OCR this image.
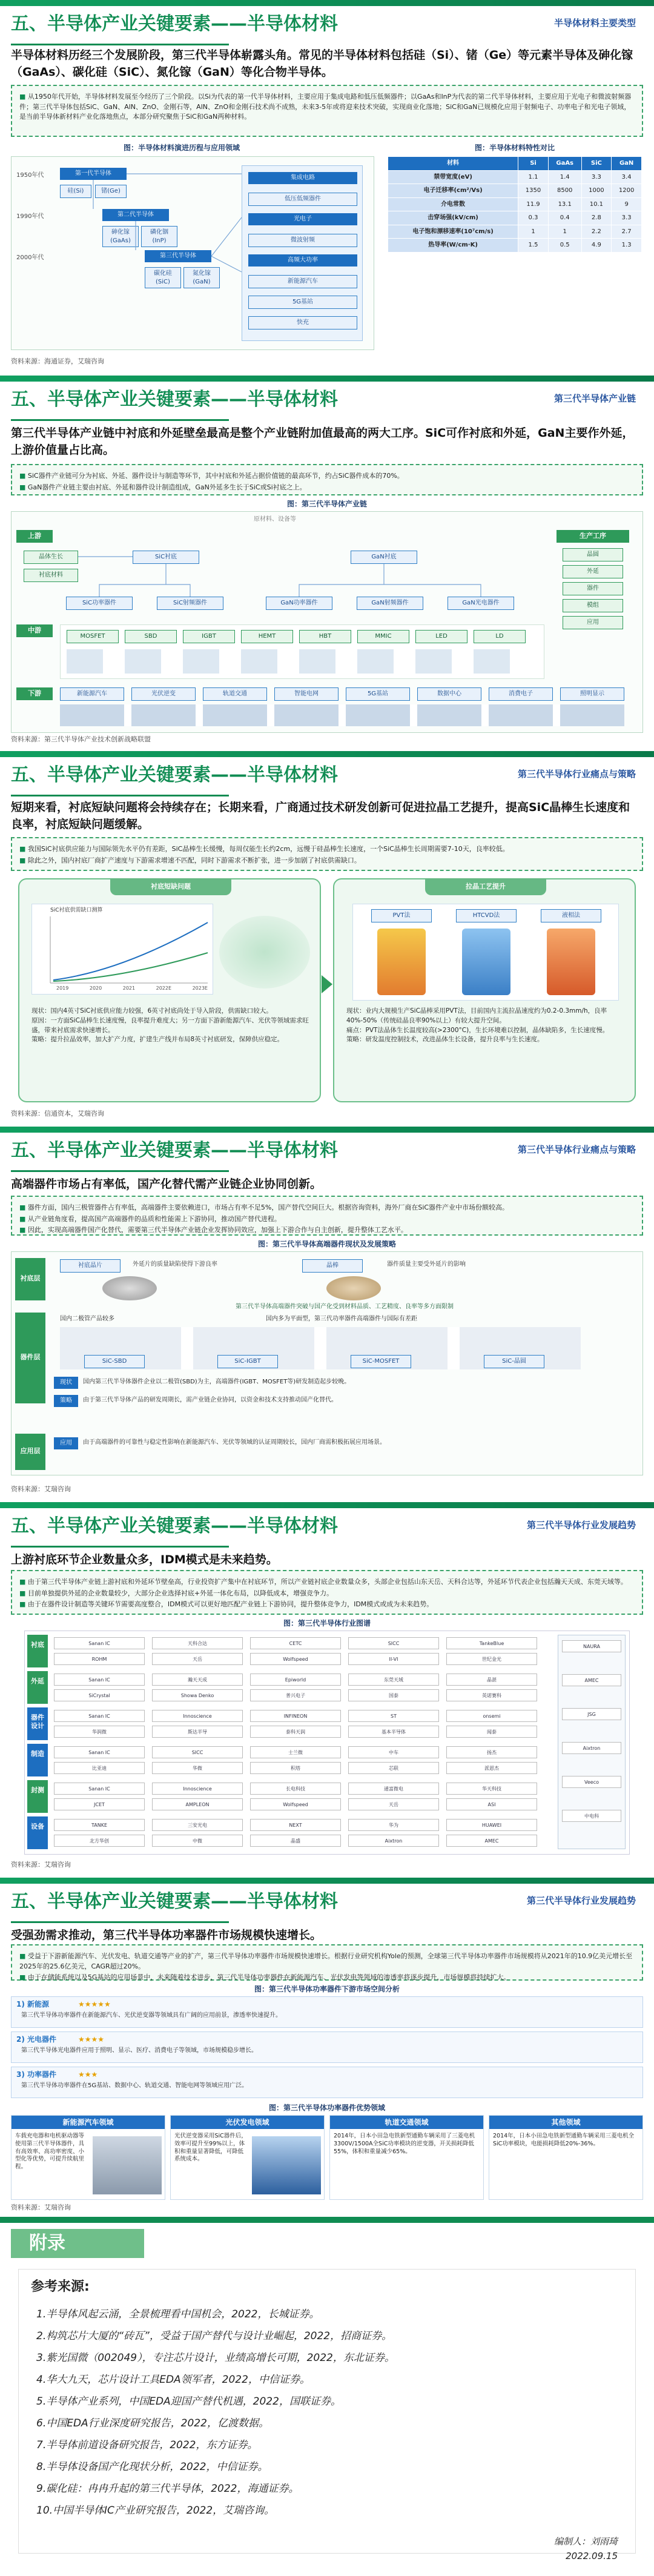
五、半导体产业关键要素——半导体材料	半导体材料主要类型
半导体材料历经三个发展阶段，第三代半导体崭露头角。常见的半导体材料包括硅（Si）、锗（Ge）等元素半导体及砷化镓（GaAs）、碳化硅（SiC）、氮化镓（GaN）等化合物半导体。

■ 从1950年代开始，半导体材料发展至今经历了三个阶段。以Si为代表的第一代半导体材料，主要应用于集成电路和低压低频器件；以GaAs和InP为代表的第二代半导体材料，主要应用于光电子和微波射频器件；第三代半导体包括SiC、GaN、AlN、ZnO、金刚石等，AlN、ZnO和金刚石技术尚不成熟，未来3-5年或将迎来技术突破，实现商业化落地；SiC和GaN已规模化应用于射频电子、功率电子和光电子领域，是当前半导体新材料产业化落地焦点，本部分研究聚焦于SiC和GaN两种材料。

图：半导体材料演进历程与应用领域	图：半导体材料特性对比
1950年代
1990年代
2000年代
第一代半导体
第二代半导体
第三代半导体
硅(Si)	锗(Ge)
砷化镓(GaAs)
磷化铟(InP)
碳化硅(SiC)
氮化镓(GaN)
集成电路
低压低频器件
光电子
微波射频
高频大功率
新能源汽车
5G基站
快充
材料	Si	GaAs	SiC	GaN
禁带宽度(eV)	1.1	1.4	3.3	3.4
电子迁移率(cm²/Vs)	1350	8500	1000	1200
介电常数	11.9	13.1	10.1	9
击穿场强(kV/cm)	0.3	0.4	2.8	3.3
电子饱和漂移速率(10⁷cm/s)	1	1	2.2	2.7
热导率(W/cm·K)	1.5	0.5	4.9	1.3
资料来源：海通证券，艾瑞咨询
五、半导体产业关键要素——半导体材料	第三代半导体产业链
第三代半导体产业链中衬底和外延壁垒最高是整个产业链附加值最高的两大工序。SiC可作衬底和外延，GaN主要作外延，上游价值量占比高。

■ SiC器件产业链可分为衬底、外延、器件设计与制造等环节，其中衬底和外延占据价值链的最高环节，约占SiC器件成本的70%。

■ GaN器件产业链主要由衬底、外延和器件设计制造组成，GaN外延多生长于SiC或Si衬底之上。

图：第三代半导体产业链
原材料、设备等
上游
中游
下游
晶体生长
衬底材料
SiC衬底	GaN衬底
生产工序
晶圆
外延
器件
模组
应用
SiC功率器件	SiC射频器件	GaN功率器件	GaN射频器件	GaN光电器件
MOSFET	SBD	IGBT	HEMT	HBT	MMIC	LED	LD
新能源汽车	光伏逆变	轨道交通	智能电网	5G基站	数据中心	消费电子	照明显示
资料来源：第三代半导体产业技术创新战略联盟
五、半导体产业关键要素——半导体材料	第三代半导体行业痛点与策略
短期来看，衬底短缺问题将会持续存在；长期来看，广商通过技术研发创新可促进拉晶工艺提升，提高SiC晶棒生长速度和良率，衬底短缺问题缓解。

■ 我国SiC衬底供应能力与国际领先水平仍有差距，SiC晶棒生长缓慢，每周仅能生长约2cm，远慢于硅晶棒生长速度，一个SiC晶棒生长周期需要7-10天，良率较低。

■ 除此之外，国内衬底厂商扩产速度与下游需求增速不匹配，同时下游需求不断扩张，进一步加剧了衬底供需缺口。

衬底短缺问题
SiC衬底供需缺口测算
2019	2020	2021	2022E	2023E

现状：国内4英寸SiC衬底供应能力较强，6英寸衬底尚处于导入阶段，供需缺口较大。

原因：一方面SiC晶棒生长速度慢，良率提升难度大；另一方面下游新能源汽车、光伏等领域需求旺盛，带来衬底需求快速增长。

策略：提升拉晶效率，加大扩产力度，扩建生产线并布局8英寸衬底研发，保障供应稳定。

拉晶工艺提升
PVT法	HTCVD法	液相法

现状：业内大规模生产SiC晶棒采用PVT法，目前国内主流拉晶速度约为0.2-0.3mm/h，良率40%-50%（传统硅晶良率90%以上）有较大提升空间。

痛点：PVT法晶体生长温度较高(>2300°C)，生长环境难以控制，晶体缺陷多，生长速度慢。

策略：研发温度控制技术，改进晶体生长设备，提升良率与生长速度。

资料来源：信通资本，艾瑞咨询
五、半导体产业关键要素——半导体材料	第三代半导体行业痛点与策略
高端器件市场占有率低，国产化替代需产业链企业协同创新。

■ 器件方面，国内三极管器件占有率低，高端器件主要依赖进口，市场占有率不足5%，国产替代空间巨大。根据咨询资料，海外厂商在SiC器件产业中市场份额较高。

■ 从产业链角度看，提高国产高端器件的品质和性能需上下游协同，推动国产替代进程。

■ 因此，实现高端器件国产化替代，需要第三代半导体产业链企业发挥协同效应，加强上下游合作与自主创新，提升整体工艺水平。

图：第三代半导体高端器件现状及发展策略
衬底层
器件层
应用层
衬底晶片	外延片的质量缺陷使得下游良率	晶棒	器件质量主要受外延片的影响
第三代半导体高端器件突破与国产化受到材料品质、工艺精度、良率等多方面限制
国内二极管产品较多	国内多为平面型，第三代功率器件高端器件与国际有差距
SiC-SBD	SiC-IGBT	SiC-MOSFET	SiC-晶圆
现状	国内第三代半导体器件企业以二极管(SBD)为主，高端器件(IGBT、MOSFET等)研发制造起步较晚。
策略	由于第三代半导体产品的研发周期长，需产业链企业协同，以资金和技术支持推动国产化替代。
应用	由于高端器件的可靠性与稳定性影响在新能源汽车、光伏等领域的认证周期较长，国内厂商需积极拓展应用场景。
资料来源：艾瑞咨询
五、半导体产业关键要素——半导体材料	第三代半导体行业发展趋势
上游衬底环节企业数量众多，IDM模式是未来趋势。

■ 由于第三代半导体产业链上游衬底和外延环节壁垒高，行业投资扩产集中在衬底环节，所以产业链衬底企业数量众多，头部企业包括山东天岳、天科合达等，外延环节代表企业包括瀚天天成、东莞天域等。

■ 目前单独提供外延的企业数量较少，大部分企业选择衬底+外延一体化布局，以降低成本，增强竞争力。

■ 由于在器件设计制造等关键环节需要高度整合，IDM模式可以更好地匹配产业链上下游协同，提升整体竞争力，IDM模式或成为未来趋势。

图：第三代半导体行业图谱
衬底	Sanan IC	天科合达	CETC	SICC	TankeBlue
ROHM	天岳	Wolfspeed	II-VI	世纪金光
外延	Sanan IC	瀚天天成	Epiworld	东莞天域	晶湛
SiCrystal	Showa Denko	普兴电子	国泰	英诺赛科
器件设计
Sanan IC	Innoscience	INFINEON	ST	onsemi
华润微	斯达半导	泰科天润	基本半导体	闻泰
制造	Sanan IC	SICC	士兰微	中车	扬杰
比亚迪	华微	积塔	芯联	派恩杰
封测	Sanan IC	Innoscience	长电科技	通富微电	华天科技
JCET	AMPLEON	Wolfspeed	天岳	ASI
设备	TANKE	三安光电	NEXT	华为	HUAWEI
北方华创	中微	晶盛	Aixtron	AMEC
NAURA
AMEC
JSG
Aixtron
Veeco
中电科
资料来源：艾瑞咨询
五、半导体产业关键要素——半导体材料	第三代半导体行业发展趋势
受强劲需求推动，第三代半导体功率器件市场规模快速增长。

■ 受益于下游新能源汽车、光伏发电、轨道交通等产业的扩产，第三代半导体功率器件市场规模快速增长。根据行业研究机构Yole的预测，全球第三代半导体功率器件市场规模将从2021年的10.9亿美元增长至2025年的25.6亿美元，CAGR超过20%。

■ 由于在储能系统以及5G基站的应用场景中，未来随着技术进步，第三代半导体功率器件在新能源汽车、光伏发电等领域的渗透率将逐步提升，市场规模将持续扩大。

图：第三代半导体功率器件下游市场空间分析
1) 新能源	★★★★★
第三代半导体功率器件在新能源汽车、光伏逆变器等领域具有广阔的应用前景，渗透率快速提升。
2) 光电器件	★★★★
第三代半导体光电器件应用于照明、显示、医疗、消费电子等领域，市场规模稳步增长。
3) 功率器件	★★★
第三代半导体功率器件在5G基站、数据中心、轨道交通、智能电网等领域应用广泛。
图：第三代半导体功率器件优势领域
新能源汽车领域
车载充电器和电机驱动器等使用第三代半导体器件，具有高效率、高功率密度、小型化等优势，可提升续航里程。
光伏发电领域
光伏逆变器采用SiC器件后，效率可提升至99%以上，体积和重量显著降低，可降低系统成本。
轨道交通领域
2014年，日本小田急电铁新型通勤车辆采用了三菱电机3300V/1500A全SiC功率模块的逆变器，开关损耗降低55%，体积和重量减少65%。
其他领域
2014年，日本小田急电铁新型通勤车辆采用三菱电机全SiC功率模块，电能损耗降低20%-36%。
资料来源：艾瑞咨询
附录
参考来源:
1.半导体风起云涌，全景梳理看中国机会，2022，长城证券。
2.构筑芯片大厦的“砖瓦”，受益于国产替代与设计业崛起，2022，招商证券。
3.紫光国微（002049），专注芯片设计，业绩高增长可期，2022，东北证券。
4.华大九天，芯片设计工具EDA领军者，2022，中信证券。
5.半导体产业系列，中国EDA迎国产替代机遇，2022，国联证券。
6.中国EDA行业深度研究报告，2022，亿渡数据。
7.半导体前道设备研究报告，2022，东方证券。
8.半导体设备国产化现状分析，2022，中信证券。
9.碳化硅：冉冉升起的第三代半导体，2022，海通证券。
10.中国半导体IC产业研究报告，2022，艾瑞咨询。
编制人：刘雨琦
2022.09.15
